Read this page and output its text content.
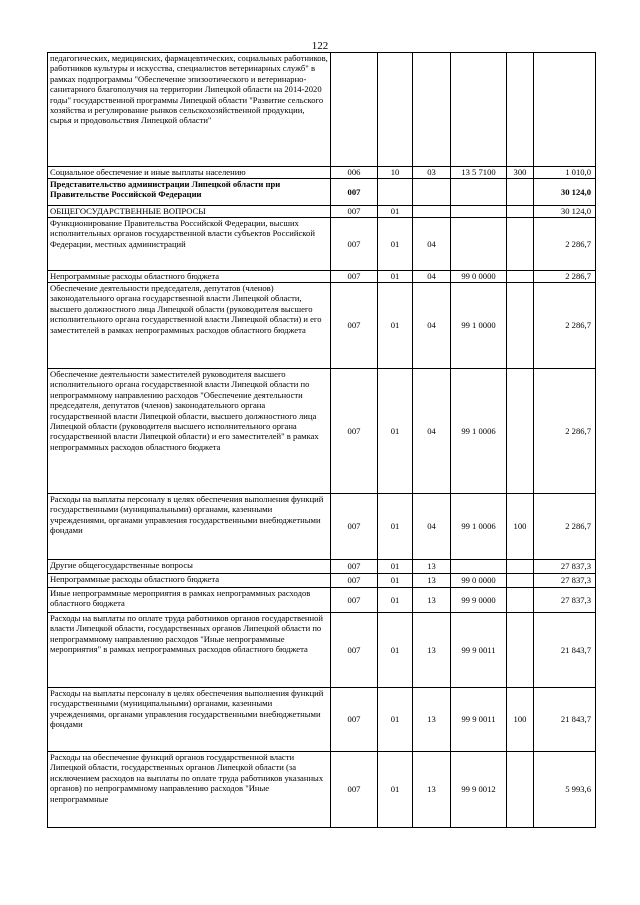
122
педагогических, медицинских, фармацевтических, социальных работников, работников культуры и искусства, специалистов ветеринарных служб" в рамках подпрограммы "Обеспечение эпизоотического и ветеринарно-санитарного благополучия на территории Липецкой области на 2014-2020 годы" государственной программы Липецкой области "Развитие сельского хозяйства и регулирование рынков сельскохозяйственной продукции, сырья и продовольствия Липецкой области"						
Социальное обеспечение и иные выплаты населению	006	10	03	13 5 7100	300	1 010,0
Представительство администрации Липецкой области при Правительстве Российской Федерации	007					30 124,0
ОБЩЕГОСУДАРСТВЕННЫЕ ВОПРОСЫ	007	01				30 124,0
Функционирование Правительства Российской Федерации, высших исполнительных органов государственной власти субъектов Российской Федерации, местных администраций	007	01	04			2 286,7
Непрограммные расходы областного бюджета	007	01	04	99 0 0000		2 286,7
Обеспечение деятельности председателя, депутатов (членов) законодательного органа государственной власти Липецкой области, высшего должностного лица Липецкой области (руководителя высшего исполнительного органа государственной власти Липецкой области) и его заместителей в рамках непрограммных расходов областного бюджета	007	01	04	99 1 0000		2 286,7
Обеспечение деятельности заместителей руководителя высшего исполнительного органа государственной власти Липецкой области по непрограммному направлению расходов "Обеспечение деятельности председателя, депутатов (членов) законодательного органа государственной власти Липецкой области, высшего должностного лица Липецкой области (руководителя высшего исполнительного органа государственной власти Липецкой области) и его заместителей" в рамках непрограммных расходов областного бюджета	007	01	04	99 1 0006		2 286,7
Расходы на выплаты персоналу в целях обеспечения выполнения функций государственными (муниципальными) органами, казенными учреждениями, органами управления государственными внебюджетными фондами	007	01	04	99 1 0006	100	2 286,7
Другие общегосударственные вопросы	007	01	13			27 837,3
Непрограммные расходы областного бюджета	007	01	13	99 0 0000		27 837,3
Иные непрограммные мероприятия в рамках непрограммных расходов областного бюджета	007	01	13	99 9 0000		27 837,3
Расходы на выплаты по оплате труда работников органов государственной власти Липецкой области, государственных органов Липецкой области по непрограммному направлению расходов "Иные непрограммные мероприятия" в рамках непрограммных расходов областного бюджета	007	01	13	99 9 0011		21 843,7
Расходы на выплаты персоналу в целях обеспечения выполнения функций государственными (муниципальными) органами, казенными учреждениями, органами управления государственными внебюджетными фондами	007	01	13	99 9 0011	100	21 843,7
Расходы на обеспечение функций органов государственной власти Липецкой области, государственных органов Липецкой области (за исключением расходов на выплаты по оплате труда работников указанных органов) по непрограммному направлению расходов "Иные непрограммные	007	01	13	99 9 0012		5 993,6
